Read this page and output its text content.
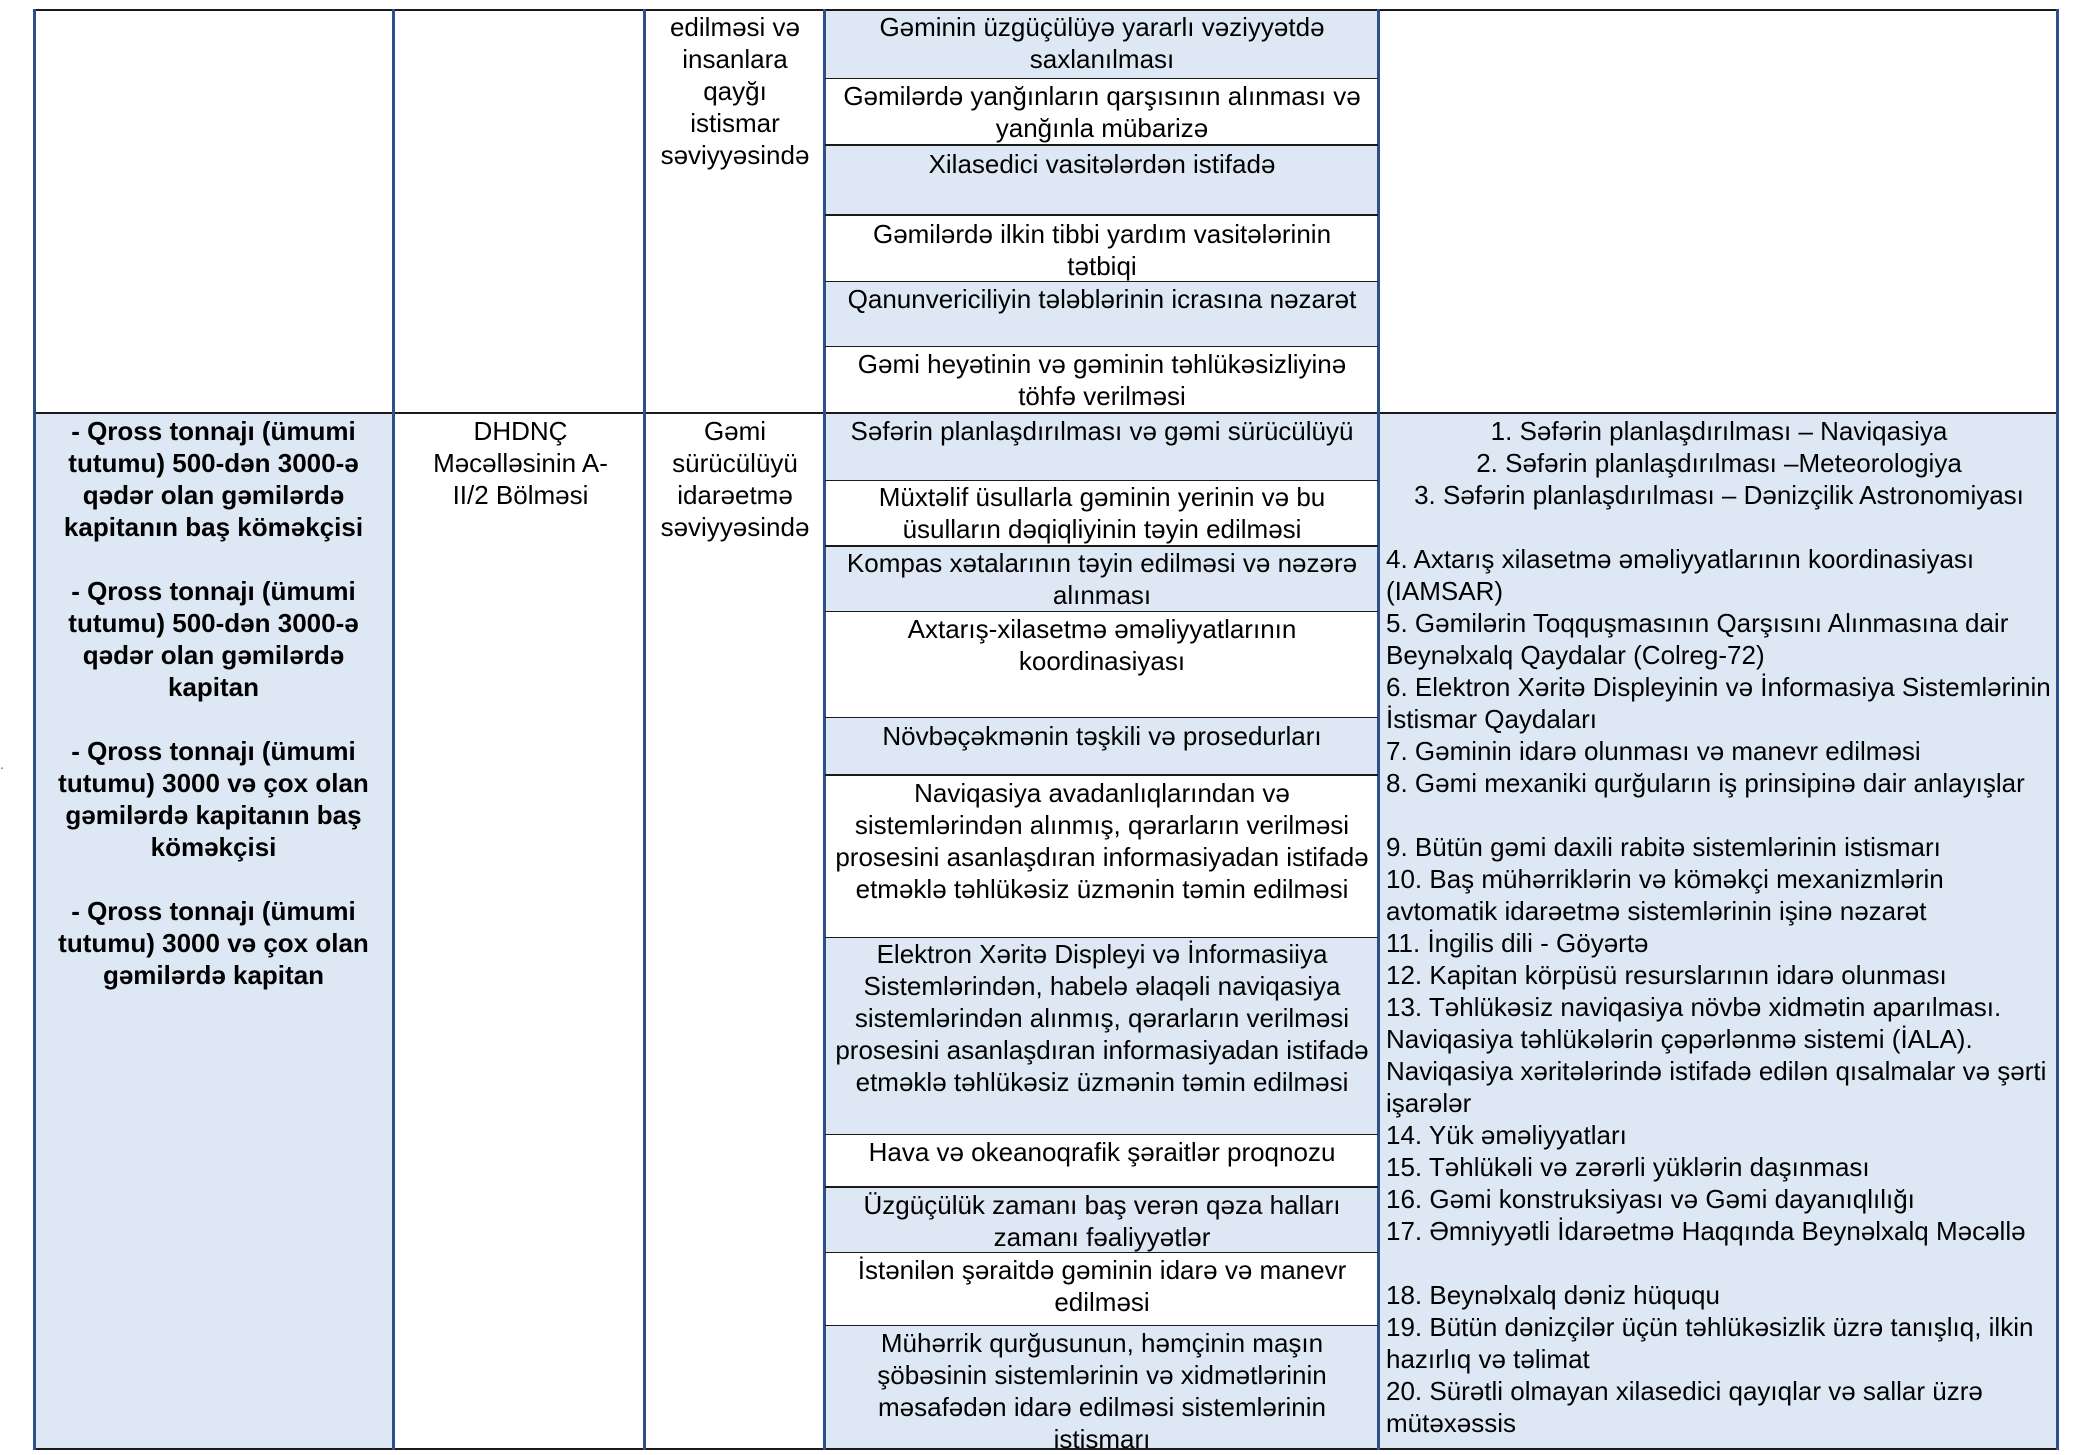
.
edilməsi və insanlara qayğı istismar səviyyəsində
Gəminin üzgüçülüyə yararlı vəziyyətdə saxlanılması
Gəmilərdə yanğınların qarşısının alınması və yanğınla mübarizə
Xilasedici vasitələrdən istifadə
Gəmilərdə ilkin tibbi yardım vasitələrinin tətbiqi
Qanunvericiliyin tələblərinin icrasına nəzarət
Gəmi heyətinin və gəminin təhlükəsizliyinə töhfə verilməsi
- Qross tonnajı (ümumi tutumu) 500-dən 3000-ə qədər olan gəmilərdə kapitanın baş köməkçisi
- Qross tonnajı (ümumi tutumu) 500-dən 3000-ə qədər olan gəmilərdə kapitan
- Qross tonnajı (ümumi tutumu) 3000 və çox olan gəmilərdə kapitanın baş köməkçisi
- Qross tonnajı (ümumi tutumu) 3000 və çox olan gəmilərdə kapitan
DHDNÇ Məcəlləsinin A-II/2 Bölməsi
Gəmi sürücülüyü idarəetmə səviyyəsində
Səfərin planlaşdırılması və gəmi sürücülüyü
Müxtəlif üsullarla gəminin yerinin və bu üsulların dəqiqliyinin təyin edilməsi
Kompas xətalarının təyin edilməsi və nəzərə alınması
Axtarış-xilasetmə əməliyyatlarının koordinasiyası
Növbəçəkmənin təşkili və prosedurları
Naviqasiya avadanlıqlarından və sistemlərindən alınmış, qərarların verilməsi prosesini asanlaşdıran informasiyadan istifadə etməklə təhlükəsiz üzmənin təmin edilməsi
Elektron Xəritə Displeyi və İnformasiiya Sistemlərindən, habelə əlaqəli naviqasiya sistemlərindən alınmış, qərarların verilməsi prosesini asanlaşdıran informasiyadan istifadə etməklə təhlükəsiz üzmənin təmin edilməsi
Hava və okeanoqrafik şəraitlər proqnozu
Üzgüçülük zamanı baş verən qəza halları zamanı fəaliyyətlər
İstənilən şəraitdə gəminin idarə və manevr edilməsi
Mühərrik qurğusunun, həmçinin maşın şöbəsinin sistemlərinin və xidmətlərinin məsafədən idarə edilməsi sistemlərinin istismarı
1. Səfərin planlaşdırılması – Naviqasiya
2. Səfərin planlaşdırılması –Meteorologiya
3. Səfərin planlaşdırılması – Dənizçilik Astronomiyası
4. Axtarış xilasetmə əməliyyatlarının koordinasiyası (IAMSAR)
5. Gəmilərin Toqquşmasının Qarşısını Alınmasına dair Beynəlxalq Qaydalar (Colreg-72)
6. Elektron Xəritə Displeyinin və İnformasiya Sistemlərinin İstismar Qaydaları
7. Gəminin idarə olunması və manevr edilməsi
8. Gəmi mexaniki qurğuların iş prinsipinə dair anlayışlar
9. Bütün gəmi daxili rabitə sistemlərinin istismarı
10. Baş mühərriklərin və köməkçi mexanizmlərin avtomatik idarəetmə sistemlərinin işinə nəzarət
11. İngilis dili - Göyərtə
12. Kapitan körpüsü resurslarının idarə olunması
13. Təhlükəsiz naviqasiya növbə xidmətin aparılması. Naviqasiya təhlükələrin çəpərlənmə sistemi (İALA). Naviqasiya xəritələrində istifadə edilən qısalmalar və şərti işarələr
14. Yük əməliyyatları
15. Təhlükəli və zərərli yüklərin daşınması
16. Gəmi konstruksiyası və Gəmi dayanıqlılığı
17. Əmniyyətli İdarəetmə Haqqında Beynəlxalq Məcəllə
18. Beynəlxalq dəniz hüququ
19. Bütün dənizçilər üçün təhlükəsizlik üzrə tanışlıq, ilkin hazırlıq və təlimat
20. Sürətli olmayan xilasedici qayıqlar və sallar üzrə mütəxəssis
